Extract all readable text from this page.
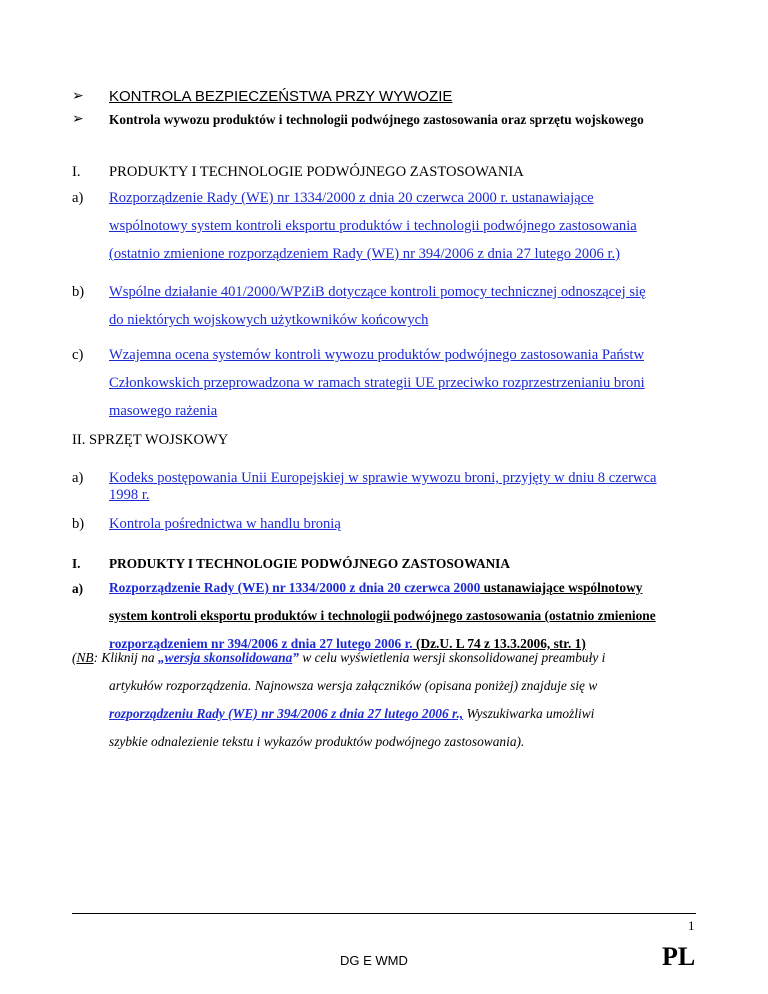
➢ KONTROLA BEZPIECZEŃSTWA PRZY WYWOZIE
➢ Kontrola wywozu produktów i technologii podwójnego zastosowania oraz sprzętu wojskowego
I. PRODUKTY I TECHNOLOGIE PODWÓJNEGO ZASTOSOWANIA
a) Rozporządzenie Rady (WE) nr 1334/2000 z dnia 20 czerwca 2000 r. ustanawiające
wspólnotowy system kontroli eksportu produktów i technologii podwójnego zastosowania
(ostatnio zmienione rozporządzeniem Rady (WE) nr 394/2006 z dnia 27 lutego 2006 r.)
b) Wspólne działanie 401/2000/WPZiB dotyczące kontroli pomocy technicznej odnoszącej się
do niektórych wojskowych użytkowników końcowych
c) Wzajemna ocena systemów kontroli wywozu produktów podwójnego zastosowania Państw
Członkowskich przeprowadzona w ramach strategii UE przeciwko rozprzestrzenianiu broni
masowego rażenia
II. SPRZĘT WOJSKOWY
a) Kodeks postępowania Unii Europejskiej w sprawie wywozu broni, przyjęty w dniu 8 czerwca
1998 r.
b) Kontrola pośrednictwa w handlu bronią
I. PRODUKTY I TECHNOLOGIE PODWÓJNEGO ZASTOSOWANIA
a) Rozporządzenie Rady (WE) nr 1334/2000 z dnia 20 czerwca 2000 ustanawiające wspólnotowy
system kontroli eksportu produktów i technologii podwójnego zastosowania (ostatnio zmienione
rozporządzeniem nr 394/2006 z dnia 27 lutego 2006 r. (Dz.U. L 74 z 13.3.2006, str. 1)
(NB: Kliknij na „wersja skonsolidowana” w celu wyświetlenia wersji skonsolidowanej preambuły i
artykułów rozporządzenia. Najnowsza wersja załączników (opisana poniżej) znajduje się w
rozporządzeniu Rady (WE) nr 394/2006 z dnia 27 lutego 2006 r., Wyszukiwarka umożliwi
szybkie odnalezienie tekstu i wykazów produktów podwójnego zastosowania).
1
DG E WMD	PL
